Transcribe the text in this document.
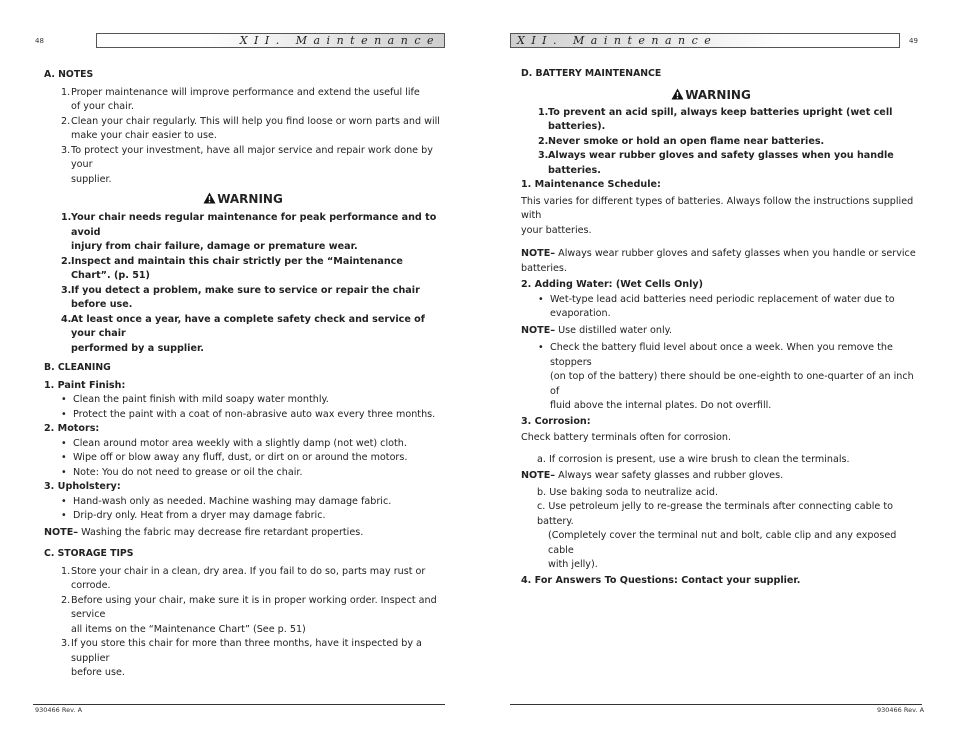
48	XII. Maintenance
A. NOTES
1. Proper maintenance will improve performance and extend the useful life
of your chair.
2. Clean your chair regularly. This will help you find loose or worn parts and will
make your chair easier to use.
3. To protect your investment, have all major service and repair work done by your
supplier.
WARNING
1. Your chair needs regular maintenance for peak performance and to avoid
injury from chair failure, damage or premature wear.
2. Inspect and maintain this chair strictly per the “Maintenance Chart”. (p. 51)
3. If you detect a problem, make sure to service or repair the chair before use.
4. At least once a year, have a complete safety check and service of your chair
performed by a supplier.
B. CLEANING
1. Paint Finish:
• Clean the paint finish with mild soapy water monthly.
• Protect the paint with a coat of non-abrasive auto wax every three months.
2. Motors:
• Clean around motor area weekly with a slightly damp (not wet) cloth.
• Wipe off or blow away any fluff, dust, or dirt on or around the motors.
• Note: You do not need to grease or oil the chair.
3. Upholstery:
• Hand-wash only as needed. Machine washing may damage fabric.
• Drip-dry only. Heat from a dryer may damage fabric.
NOTE– Washing the fabric may decrease fire retardant properties.
C. STORAGE TIPS
1. Store your chair in a clean, dry area. If you fail to do so, parts may rust or corrode.
2. Before using your chair, make sure it is in proper working order. Inspect and service
all items on the “Maintenance Chart” (See p. 51)
3. If you store this chair for more than three months, have it inspected by a supplier
before use.
930466 Rev. A
XII. Maintenance	49
D. BATTERY MAINTENANCE
WARNING
1. To prevent an acid spill, always keep batteries upright (wet cell batteries).
2. Never smoke or hold an open flame near batteries.
3. Always wear rubber gloves and safety glasses when you handle batteries.
1. Maintenance Schedule:
This varies for different types of batteries. Always follow the instructions supplied with
your batteries.
NOTE– Always wear rubber gloves and safety glasses when you handle or service batteries.
2. Adding Water: (Wet Cells Only)
• Wet-type lead acid batteries need periodic replacement of water due to evaporation.
NOTE– Use distilled water only.
• Check the battery fluid level about once a week. When you remove the stoppers
(on top of the battery) there should be one-eighth to one-quarter of an inch of
fluid above the internal plates. Do not overfill.
3. Corrosion:
Check battery terminals often for corrosion.
a. If corrosion is present, use a wire brush to clean the terminals.
NOTE– Always wear safety glasses and rubber gloves.
b. Use baking soda to neutralize acid.
c. Use petroleum jelly to re-grease the terminals after connecting cable to battery.
(Completely cover the terminal nut and bolt, cable clip and any exposed cable
with jelly).
4. For Answers To Questions: Contact your supplier.
930466 Rev. A
